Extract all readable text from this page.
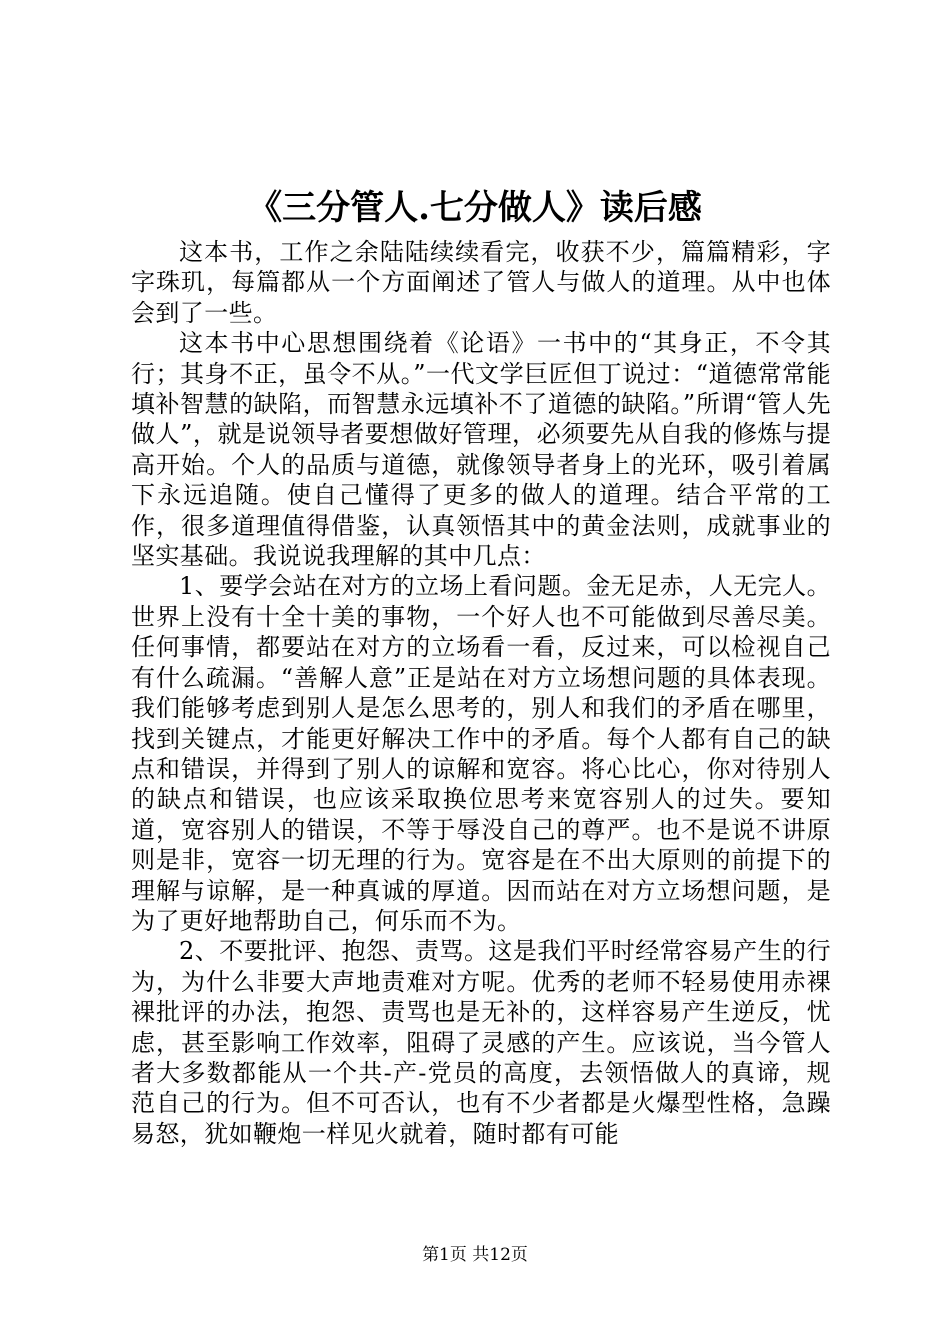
《三分管人.七分做人》读后感

这本书，工作之余陆陆续续看完，收获不少，篇篇精彩，字字珠玑，每篇都从一个方面阐述了管人与做人的道理。从中也体会到了一些。

这本书中心思想围绕着《论语》一书中的“其身正，不令其行；其身不正，虽令不从。”一代文学巨匠但丁说过：“道德常常能填补智慧的缺陷，而智慧永远填补不了道德的缺陷。”所谓“管人先做人”，就是说领导者要想做好管理，必须要先从自我的修炼与提高开始。个人的品质与道德，就像领导者身上的光环，吸引着属下永远追随。使自己懂得了更多的做人的道理。结合平常的工作，很多道理值得借鉴，认真领悟其中的黄金法则，成就事业的坚实基础。我说说我理解的其中几点：

1、要学会站在对方的立场上看问题。金无足赤，人无完人。世界上没有十全十美的事物，一个好人也不可能做到尽善尽美。任何事情，都要站在对方的立场看一看，反过来，可以检视自己有什么疏漏。“善解人意”正是站在对方立场想问题的具体表现。我们能够考虑到别人是怎么思考的，别人和我们的矛盾在哪里，找到关键点，才能更好解决工作中的矛盾。每个人都有自己的缺点和错误，并得到了别人的谅解和宽容。将心比心，你对待别人的缺点和错误，也应该采取换位思考来宽容别人的过失。要知道，宽容别人的错误，不等于辱没自己的尊严。也不是说不讲原则是非，宽容一切无理的行为。宽容是在不出大原则的前提下的理解与谅解，是一种真诚的厚道。因而站在对方立场想问题，是为了更好地帮助自己，何乐而不为。

2、不要批评、抱怨、责骂。这是我们平时经常容易产生的行为，为什么非要大声地责难对方呢。优秀的老师不轻易使用赤裸裸批评的办法，抱怨、责骂也是无补的，这样容易产生逆反，忧虑，甚至影响工作效率，阻碍了灵感的产生。应该说，当今管人者大多数都能从一个共-产-党员的高度，去领悟做人的真谛，规范自己的行为。但不可否认，也有不少者都是火爆型性格，急躁易怒，犹如鞭炮一样见火就着，随时都有可能

第1页 共12页
